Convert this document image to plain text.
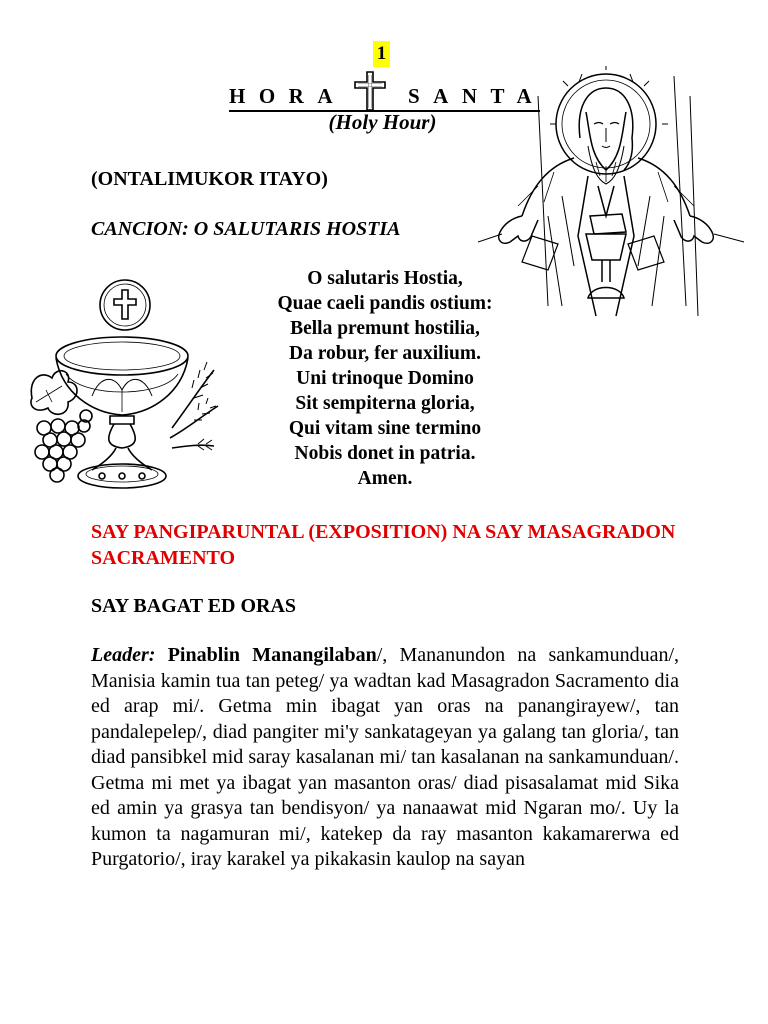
1
HORA	SANTA
(Holy Hour)
(ONTALIMUKOR ITAYO)
CANCION: O SALUTARIS HOSTIA
O salutaris Hostia,
Quae caeli pandis ostium:
Bella premunt hostilia,
Da robur, fer auxilium.
Uni trinoque Domino
Sit sempiterna gloria,
Qui vitam sine termino
Nobis donet in patria.
Amen.
SAY PANGIPARUNTAL (EXPOSITION) NA SAY MASAGRADON SACRAMENTO
SAY BAGAT ED ORAS
Leader: Pinablin Manangilaban/, Mananundon na sankamunduan/, Manisia kamin tua tan peteg/ ya wadtan kad Masagradon Sacramento dia ed arap mi/. Getma min ibagat yan oras na panangirayew/, tan pandalepelep/, diad pangiter mi'y sankatageyan ya galang tan gloria/, tan diad pansibkel mid saray kasalanan mi/ tan kasalanan na sankamunduan/. Getma mi met ya ibagat yan masanton oras/ diad pisasalamat mid Sika ed amin ya grasya tan bendisyon/ ya nanaawat mid Ngaran mo/. Uy la kumon ta nagamuran mi/, katekep da ray masanton kakamarerwa ed Purgatorio/, iray karakel ya pikakasin kaulop na sayan
